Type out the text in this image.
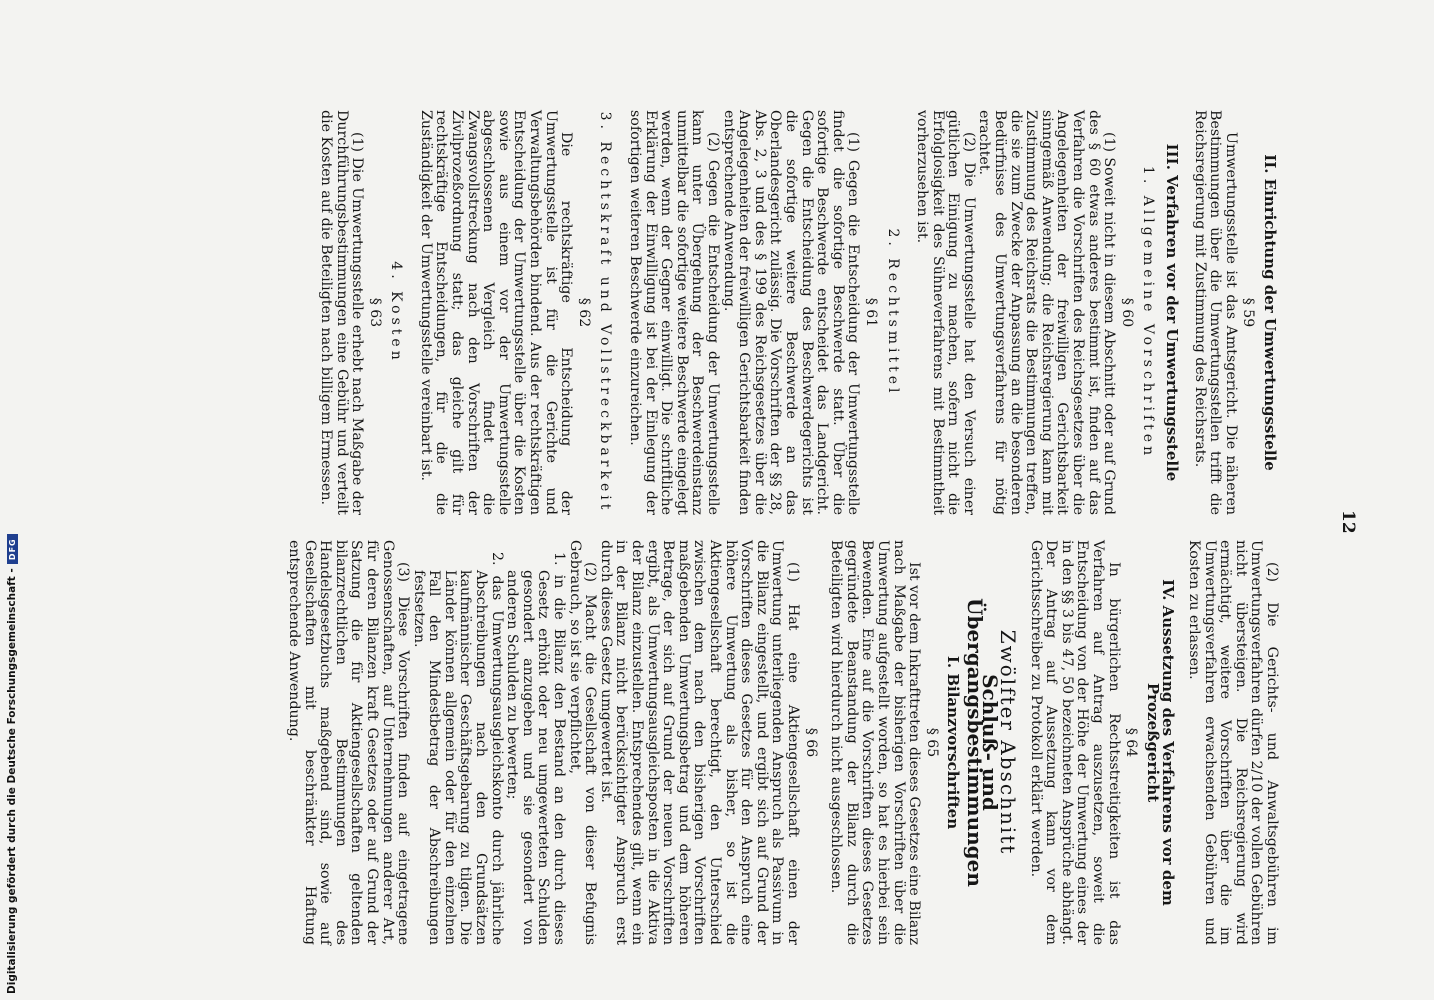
12
II. Einrichtung der Umwertungsstelle
§ 59

Umwertungsstelle ist das Amtsgericht. Die näheren Bestimmungen über die Umwertungsstellen trifft die Reichsregierung mit Zustimmung des Reichsrats.

III. Verfahren vor der Umwertungsstelle
1. Allgemeine Vorschriften
§ 60

(1) Soweit nicht in diesem Abschnitt oder auf Grund des § 60 etwas anderes bestimmt ist, finden auf das Verfahren die Vorschriften des Reichsgesetzes über die Angelegenheiten der freiwilligen Gerichtsbarkeit sinngemäß Anwendung; die Reichsregierung kann mit Zustimmung des Reichsrats die Bestimmungen treffen, die sie zum Zwecke der Anpassung an die besonderen Bedürfnisse des Umwertungsverfahrens für nötig erachtet.

(2) Die Umwertungsstelle hat den Versuch einer gütlichen Einigung zu machen, sofern nicht die Erfolglosigkeit des Sühneverfahrens mit Bestimmtheit vorherzusehen ist.

2. Rechtsmittel
§ 61

(1) Gegen die Entscheidung der Umwertungsstelle findet die sofortige Beschwerde statt. Über die sofortige Beschwerde entscheidet das Landgericht. Gegen die Entscheidung des Beschwerdegerichts ist die sofortige weitere Beschwerde an das Oberlandesgericht zulässig. Die Vorschriften der §§ 28, Abs. 2, 3 und des § 199 des Reichsgesetzes über die Angelegenheiten der freiwilligen Gerichtsbarkeit finden entsprechende Anwendung.

(2) Gegen die Entscheidung der Umwertungsstelle kann unter Übergehung der Beschwerdeinstanz unmittelbar die sofortige weitere Beschwerde eingelegt werden, wenn der Gegner einwilligt. Die schriftliche Erklärung der Einwilligung ist bei der Einlegung der sofortigen weiteren Beschwerde einzureichen.

3. Rechtskraft und Vollstreckbarkeit
§ 62

Die rechtskräftige Entscheidung der Umwertungsstelle ist für die Gerichte und Verwaltungsbehörden bindend. Aus der rechtskräftigen Entscheidung der Umwertungsstelle über die Kosten sowie aus einem vor der Umwertungsstelle abgeschlossenen Vergleich findet die Zwangsvollstreckung nach den Vorschriften der Zivilprozeßordnung statt; das gleiche gilt für rechtskräftige Entscheidungen, für die die Zuständigkeit der Umwertungsstelle vereinbart ist.

4. Kosten
§ 63

(1) Die Umwertungsstelle erhebt nach Maßgabe der Durchführungsbestimmungen eine Gebühr und verteilt die Kosten auf die Beteiligten nach billigem Ermessen.

(2) Die Gerichts- und Anwaltsgebühren im Umwertungsverfahren dürfen 2/10 der vollen Gebühren nicht übersteigen. Die Reichsregierung wird ermächtigt, weitere Vorschriften über die im Umwertungsverfahren erwachsenden Gebühren und Kosten zu erlassen.

IV. Aussetzung des Verfahrens vor dem Prozeßgericht
§ 64

In bürgerlichen Rechtsstreitigkeiten ist das Verfahren auf Antrag auszusetzen, soweit die Entscheidung von der Höhe der Umwertung eines der in den §§ 3 bis 47, 50 bezeichneten Ansprüche abhängt. Der Antrag auf Aussetzung kann vor dem Gerichtsschreiber zu Protokoll erklärt werden.

Zwölfter Abschnitt
Schluß- und Übergangsbestimmungen
I. Bilanzvorschriften
§ 65

Ist vor dem Inkrafttreten dieses Gesetzes eine Bilanz nach Maßgabe der bisherigen Vorschriften über die Umwertung aufgestellt worden, so hat es hierbei sein Bewenden. Eine auf die Vorschriften dieses Gesetzes gegründete Beanstandung der Bilanz durch die Beteiligten wird hierdurch nicht ausgeschlossen.

§ 66

(1) Hat eine Aktiengesellschaft einen der Umwertung unterliegenden Anspruch als Passivum in die Bilanz eingestellt, und ergibt sich auf Grund der Vorschriften dieses Gesetzes für den Anspruch eine höhere Umwertung als bisher, so ist die Aktiengesellschaft berechtigt, den Unterschied zwischen dem nach den bisherigen Vorschriften maßgebenden Umwertungsbetrag und dem höheren Betrage, der sich auf Grund der neuen Vorschriften ergibt, als Umwertungsausgleichsposten in die Aktiva der Bilanz einzustellen. Entsprechendes gilt, wenn ein in der Bilanz nicht berücksichtigter Anspruch erst durch dieses Gesetz umgewertet ist.

(2) Macht die Gesellschaft von dieser Befugnis Gebrauch, so ist sie verpflichtet,

1. in die Bilanz den Bestand an den durch dieses Gesetz erhöht oder neu umgewerteten Schulden gesondert anzugeben und sie gesondert von anderen Schulden zu bewerten;

2. das Umwertungsausgleichskonto durch jährliche Abschreibungen nach den Grundsätzen kaufmännischer Geschäftsgebarung zu tilgen. Die Länder können allgemein oder für den einzelnen Fall den Mindestbetrag der Abschreibungen festsetzen.

(3) Diese Vorschriften finden auf eingetragene Genossenschaften, auf Unternehmungen anderer Art, für deren Bilanzen kraft Gesetzes oder auf Grund der Satzung die für Aktiengesellschaften geltenden bilanzrechtlichen Bestimmungen des Handelsgesetzbuchs maßgebend sind, sowie auf Gesellschaften mit beschränkter Haftung entsprechende Anwendung.

Digitalisierung gefördert durch die Deutsche Forschungsgemeinschaft -
DFG
